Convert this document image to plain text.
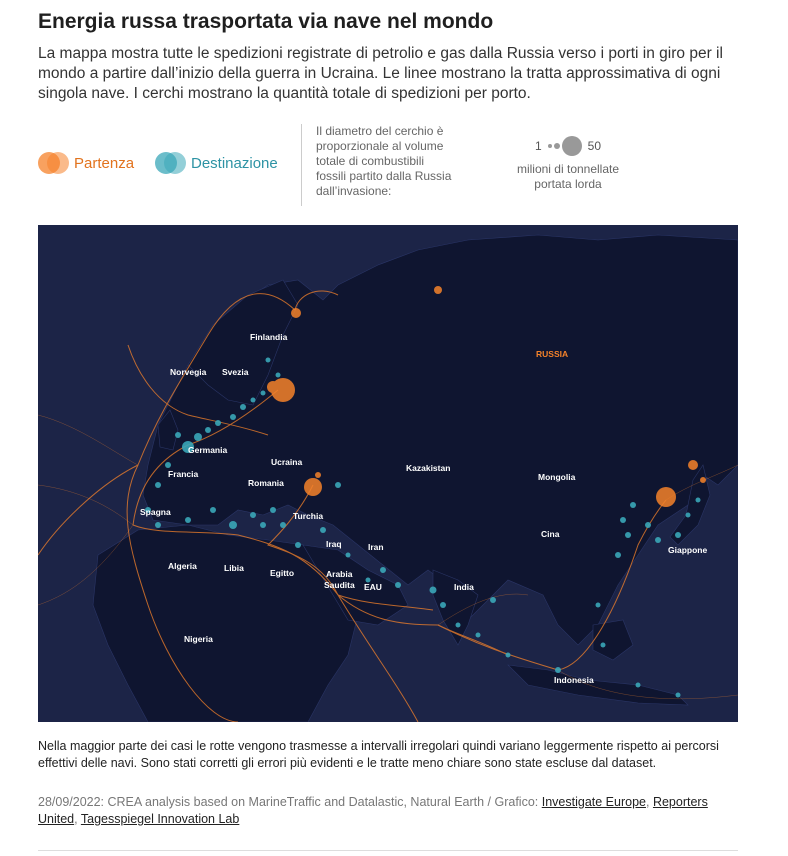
Energia russa trasportata via nave nel mondo

La mappa mostra tutte le spedizioni registrate di petrolio e gas dalla Russia verso i porti in giro per il mondo a partire dall’inizio della guerra in Ucraina. Le linee mostrano la tratta approssimativa di ogni singola nave. I cerchi mostrano la quantità totale di spedizioni per porto.

Partenza	Destinazione
Il diametro del cerchio è proporzionale al volume totale di combustibili fossili partito dalla Russia dall’invasione:
1	50
milioni di tonnellate portata lorda
RUSSIA
Finlandia
Norvegia Svezia
Germania
Ucraina
Francia
Romania
Kazakistan
Mongolia
Spagna	Turchia
Cina
Giappone
Iraq	Iran
Algeria	Libia	Egitto	Arabia
Saudita EAU	India
Nigeria
Indonesia

Nella maggior parte dei casi le rotte vengono trasmesse a intervalli irregolari quindi variano leggermente rispetto ai percorsi effettivi delle navi. Sono stati corretti gli errori più evidenti e le tratte meno chiare sono state escluse dal dataset.

28/09/2022: CREA analysis based on MarineTraffic and Datalastic, Natural Earth / Grafico: Investigate Europe, Reporters United, Tagesspiegel Innovation Lab
